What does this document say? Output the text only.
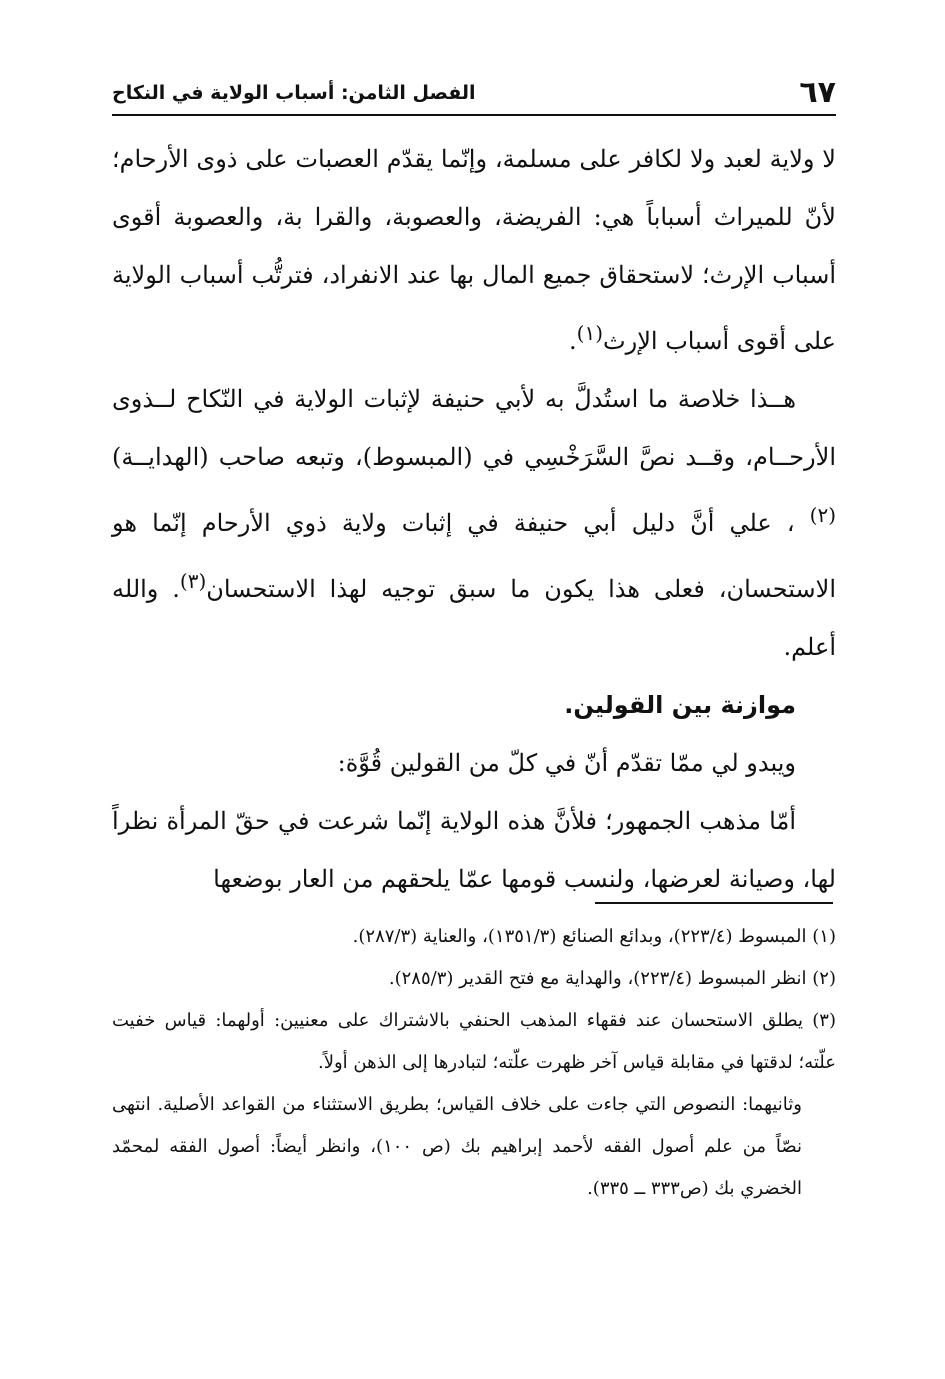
٦٧
الفصل الثامن: أسباب الولاية في النكاح

لا ولاية لعبد ولا لكافر على مسلمة، وإنّما يقدّم العصبات على ذوى الأرحام؛ لأنّ للميراث أسباباً هي: الفريضة، والعصوبة، والقرا بة، والعصوبة أقوى أسباب الإرث؛ لاستحقاق جميع المال بها عند الانفراد، فترتُّب أسباب الولاية على أقوى أسباب الإرث$^{(١)}$.

هــذا خلاصة ما استُدلَّ به لأبي حنيفة لإثبات الولاية في النّكاح لــذوى الأرحــام، وقــد نصَّ السَّرَخْسِي في (المبسوط)، وتبعه صاحب (الهدايــة)$^{(٢)}$ ، علي أنَّ دليل أبي حنيفة في إثبات ولاية ذوي الأرحام إنّما هو الاستحسان، فعلى هذا يكون ما سبق توجيه لهذا الاستحسان$^{(٣)}$. والله أعلم.

موازنة بين القولين.

ويبدو لي ممّا تقدّم أنّ في كلّ من القولين قُوَّة:

أمّا مذهب الجمهور؛ فلأنَّ هذه الولاية إنّما شرعت في حقّ المرأة نظراً لها، وصيانة لعرضها، ولنسب قومها عمّا يلحقهم من العار بوضعها

(١) المبسوط (٢٢٣/٤)، وبدائع الصنائع (١٣٥١/٣)، والعناية (٢٨٧/٣).

(٢) انظر المبسوط (٢٢٣/٤)، والهداية مع فتح القدير (٢٨٥/٣).

(٣) يطلق الاستحسان عند فقهاء المذهب الحنفي بالاشتراك على معنيين: أولهما: قياس خفيت علّته؛ لدقتها في مقابلة قياس آخر ظهرت علّته؛ لتبادرها إلى الذهن أولاً.

وثانيهما: النصوص التي جاءت على خلاف القياس؛ بطريق الاستثناء من القواعد الأصلية. انتهى نصّاً من علم أصول الفقه لأحمد إبراهيم بك (ص ١٠٠)، وانظر أيضاً: أصول الفقه لمحمّد الخضري بك (ص٣٣٣ ــ ٣٣٥).
